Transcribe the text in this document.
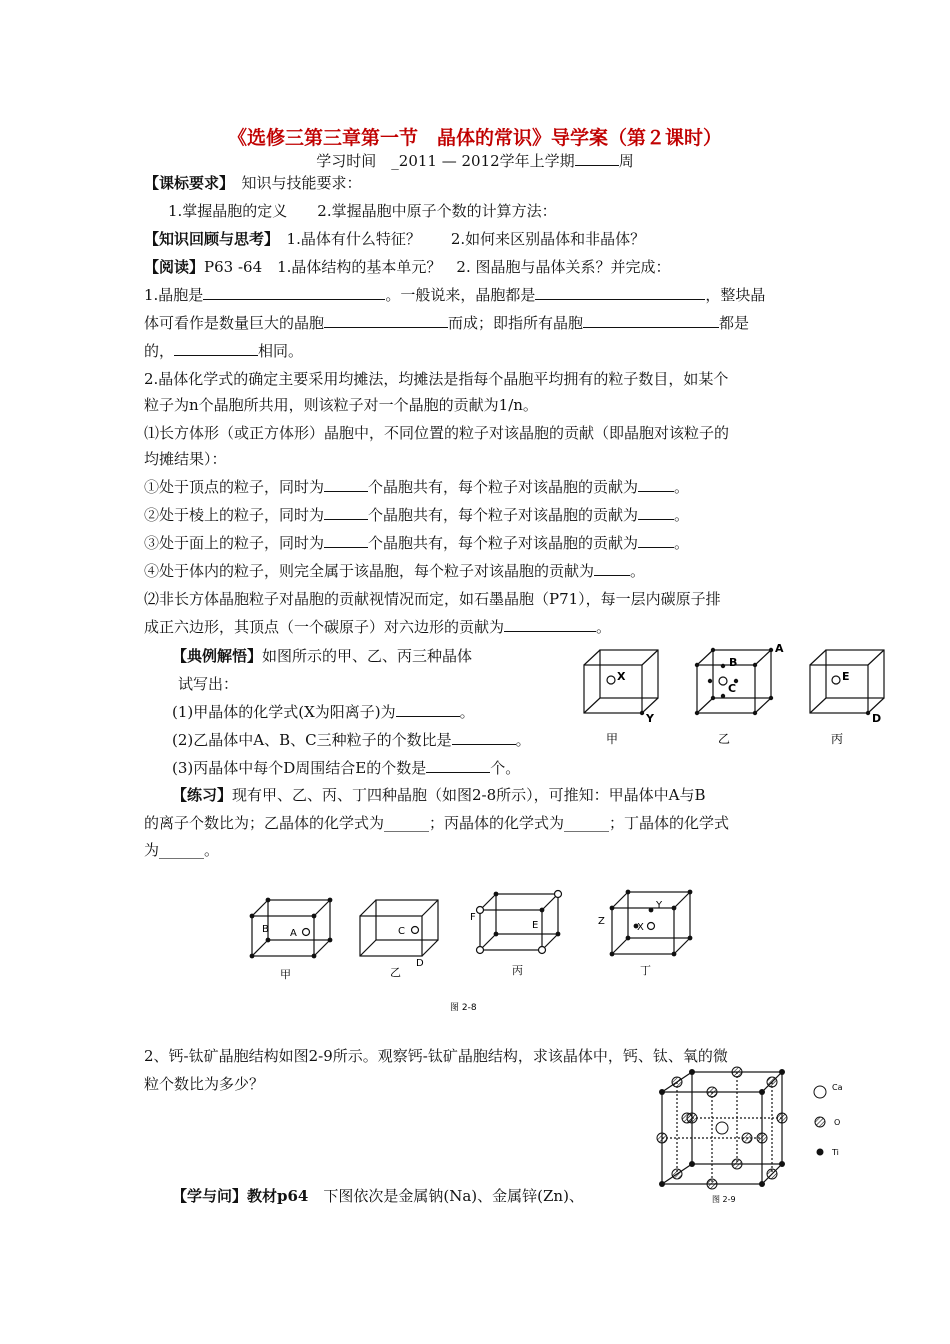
《选修三第三章第一节　晶体的常识》导学案（第２课时）
学习时间　_2011 — 2012学年上学期	周
【课标要求】　 知识与技能要求：
1.掌握晶胞的定义　　2.掌握晶胞中原子个数的计算方法：
【知识回顾与思考】　 1.晶体有什么特征？　　2.如何来区别晶体和非晶体？
【阅读】P63 -64　1.晶体结构的基本单元？　2. 图晶胞与晶体关系？并完成：
1.晶胞是	。一般说来，晶胞都是	，整块晶
体可看作是数量巨大的晶胞	而成；即指所有晶胞	都是
的，	相同。
2.晶体化学式的确定主要采用均摊法，均摊法是指每个晶胞平均拥有的粒子数目，如某个
粒子为n个晶胞所共用，则该粒子对一个晶胞的贡献为1/n。
⑴长方体形（或正方体形）晶胞中，不同位置的粒子对该晶胞的贡献（即晶胞对该粒子的
均摊结果）：
①处于顶点的粒子，同时为	个晶胞共有，每个粒子对该晶胞的贡献为 。
②处于棱上的粒子，同时为	个晶胞共有，每个粒子对该晶胞的贡献为 。
③处于面上的粒子，同时为	个晶胞共有，每个粒子对该晶胞的贡献为 。
④处于体内的粒子，则完全属于该晶胞，每个粒子对该晶胞的贡献为 。
⑵非长方体晶胞粒子对晶胞的贡献视情况而定，如石墨晶胞（P71），每一层内碳原子排
成正六边形，其顶点（一个碳原子）对六边形的贡献为	。
【典例解悟】如图所示的甲、乙、丙三种晶体
试写出：
(1)甲晶体的化学式(X为阳离子)为	。
(2)乙晶体中A、B、C三种粒子的个数比是	。
(3)丙晶体中每个D周围结合E的个数是	个。
【练习】现有甲、乙、丙、丁四种晶胞（如图2-8所示），可推知：甲晶体中A与B
的离子个数比为；乙晶体的化学式为______；丙晶体的化学式为______；丁晶体的化学式
为______。
2、钙-钛矿晶胞结构如图2-9所示。观察钙-钛矿晶胞结构，求该晶体中，钙、钛、氧的微
粒个数比为多少？
【学与问】教材p64　下图依次是金属钠(Na)、金属锌(Zn)、
X
Y
B
A
C
E
D
甲	乙	丙
B A	C
D
F
E
Y
Z
X
甲	乙	丙	丁
图 2-8
Ca
O
Ti
图 2-9
